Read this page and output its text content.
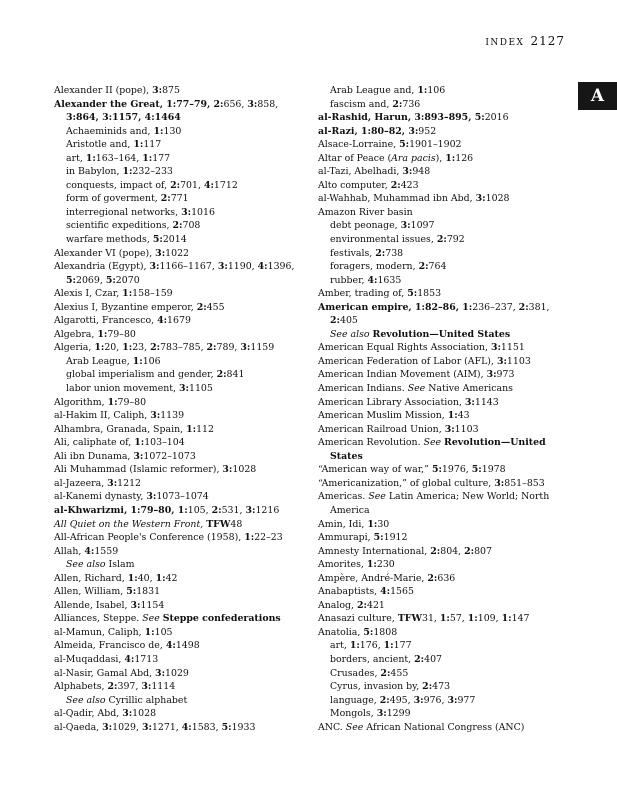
INDEX 2127
A
Alexander II (pope), 3:875
Alexander the Great, 1:77–79, 2:656, 3:858,
3:864, 3:1157, 4:1464
Achaeminids and, 1:130
Aristotle and, 1:117
art, 1:163–164, 1:177
in Babylon, 1:232–233
conquests, impact of, 2:701, 4:1712
form of goverment, 2:771
interregional networks, 3:1016
scientific expeditions, 2:708
warfare methods, 5:2014
Alexander VI (pope), 3:1022
Alexandria (Egypt), 3:1166–1167, 3:1190, 4:1396,
5:2069, 5:2070
Alexis I, Czar, 1:158–159
Alexius I, Byzantine emperor, 2:455
Algarotti, Francesco, 4:1679
Algebra, 1:79–80
Algeria, 1:20, 1:23, 2:783–785, 2:789, 3:1159
Arab League, 1:106
global imperialism and gender, 2:841
labor union movement, 3:1105
Algorithm, 1:79–80
al-Hakim II, Caliph, 3:1139
Alhambra, Granada, Spain, 1:112
Ali, caliphate of, 1:103–104
Ali ibn Dunama, 3:1072–1073
Ali Muhammad (Islamic reformer), 3:1028
al-Jazeera, 3:1212
al-Kanemi dynasty, 3:1073–1074
al-Khwarizmi, 1:79–80, 1:105, 2:531, 3:1216
All Quiet on the Western Front, TFW48
All-African People's Conference (1958), 1:22–23
Allah, 4:1559
See also Islam
Allen, Richard, 1:40, 1:42
Allen, William, 5:1831
Allende, Isabel, 3:1154
Alliances, Steppe. See Steppe confederations
al-Mamun, Caliph, 1:105
Almeida, Francisco de, 4:1498
al-Muqaddasi, 4:1713
al-Nasir, Gamal Abd, 3:1029
Alphabets, 2:397, 3:1114
See also Cyrillic alphabet
al-Qadir, Abd, 3:1028
al-Qaeda, 3:1029, 3:1271, 4:1583, 5:1933
Arab League and, 1:106
fascism and, 2:736
al-Rashid, Harun, 3:893–895, 5:2016
al-Razi, 1:80–82, 3:952
Alsace-Lorraine, 5:1901–1902
Altar of Peace (Ara pacis), 1:126
al-Tazi, Abelhadi, 3:948
Alto computer, 2:423
al-Wahhab, Muhammad ibn Abd, 3:1028
Amazon River basin
debt peonage, 3:1097
environmental issues, 2:792
festivals, 2:738
foragers, modern, 2:764
rubber, 4:1635
Amber, trading of, 5:1853
American empire, 1:82–86, 1:236–237, 2:381,
2:405
See also Revolution—United States
American Equal Rights Association, 3:1151
American Federation of Labor (AFL), 3:1103
American Indian Movement (AIM), 3:973
American Indians. See Native Americans
American Library Association, 3:1143
American Muslim Mission, 1:43
American Railroad Union, 3:1103
American Revolution. See Revolution—United
States
“American way of war,” 5:1976, 5:1978
“Americanization,” of global culture, 3:851–853
Americas. See Latin America; New World; North
America
Amin, Idi, 1:30
Ammurapi, 5:1912
Amnesty International, 2:804, 2:807
Amorites, 1:230
Ampère, André-Marie, 2:636
Anabaptists, 4:1565
Analog, 2:421
Anasazi culture, TFW31, 1:57, 1:109, 1:147
Anatolia, 5:1808
art, 1:176, 1:177
borders, ancient, 2:407
Crusades, 2:455
Cyrus, invasion by, 2:473
language, 2:495, 3:976, 3:977
Mongols, 3:1299
ANC. See African National Congress (ANC)
